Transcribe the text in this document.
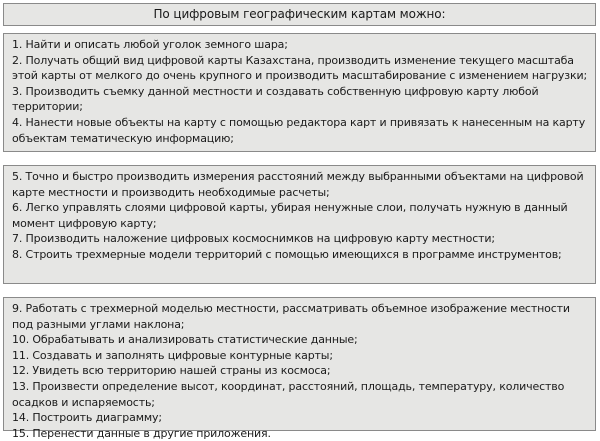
По цифровым географическим картам можно:

1. Найти и описать любой уголок земного шара;

2. Получать общий вид цифровой карты Казахстана, производить изменение текущего масштаба этой карты от мелкого до очень крупного и производить масштабирование с изменением нагрузки;

3. Производить съемку данной местности и создавать собственную цифровую карту любой территории;

4. Нанести новые объекты на карту с помощью редактора карт и привязать к нанесенным на карту объектам тематическую информацию;

5. Точно и быстро производить измерения расстояний между выбранными объектами на цифровой карте местности и производить необходимые расчеты;

6. Легко управлять слоями цифровой карты, убирая ненужные слои, получать нужную в данный момент цифровую карту;

7. Производить наложение цифровых космоснимков на цифровую карту местности;

8. Строить трехмерные модели территорий с помощью имеющихся в программе инструментов;

9. Работать с трехмерной моделью местности, рассматривать объемное изображение местности под разными углами наклона;

10. Обрабатывать и анализировать статистические данные;

11. Создавать и заполнять цифровые контурные карты;

12. Увидеть всю территорию нашей страны из космоса;

13. Произвести определение высот, координат, расстояний, площадь, температуру, количество осадков и испаряемость;

14. Построить диаграмму;

15. Перенести данные в другие приложения.
